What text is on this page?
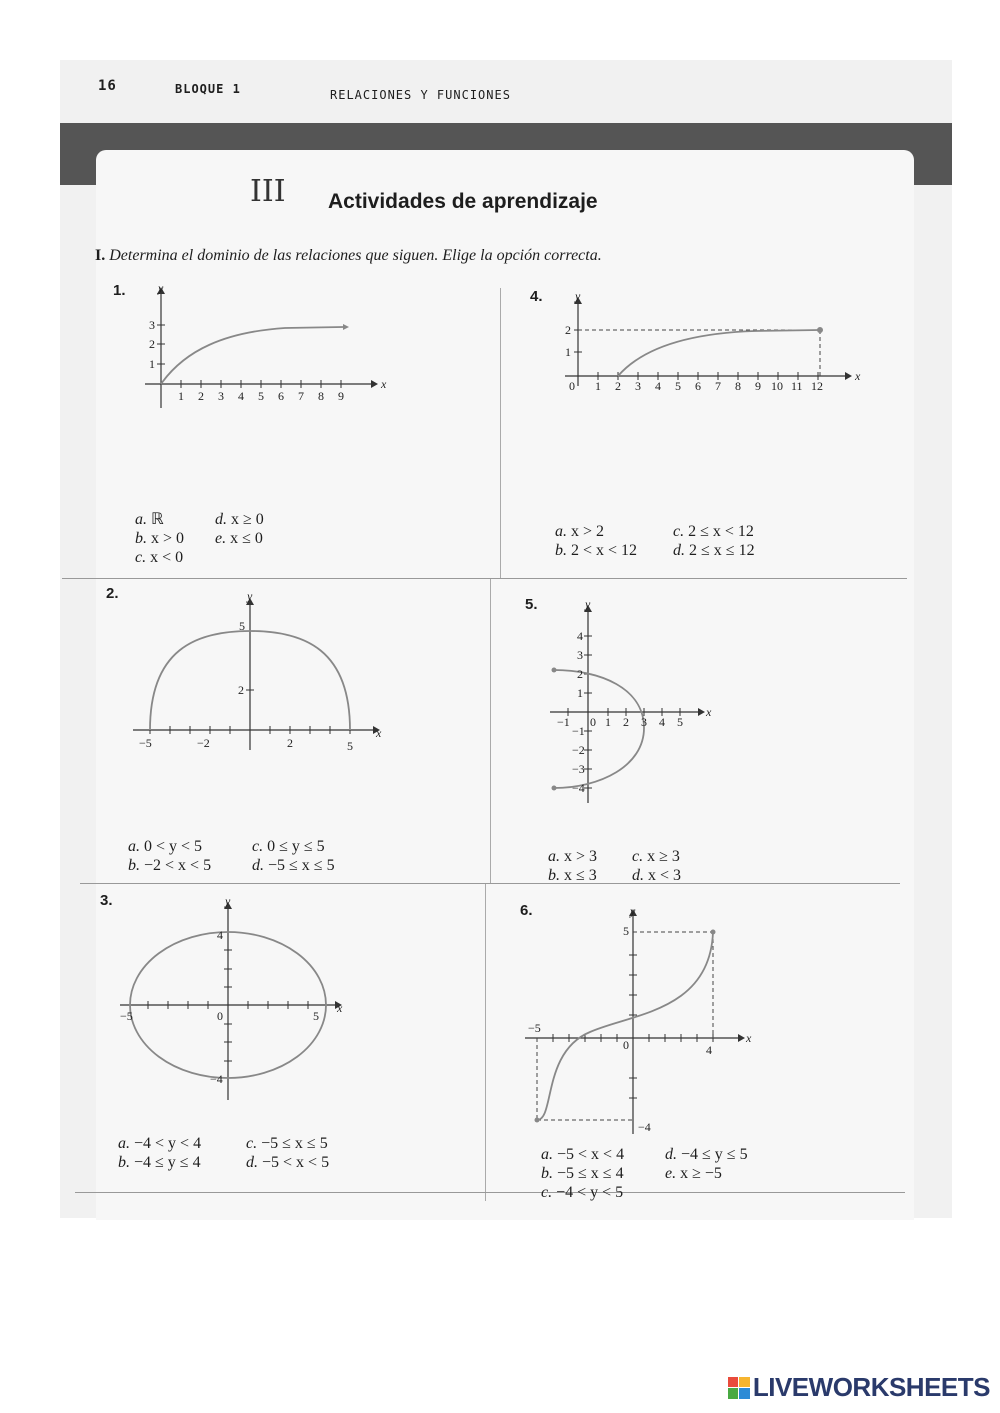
16	BLOQUE 1	RELACIONES Y FUNCIONES
III Actividades de aprendizaje
I. Determina el dominio de las relaciones que siguen. Elige la opción correcta.
1.
1 2 3 4 5 6 7 8 9
3
2
1
x
y
a. ℝ	d. x ≥ 0
b. x > 0 e. x ≤ 0
c. x < 0
4.
0 1 2 3 4 5 6 7 8 9 10 11 12
2
1
x
y
a. x > 2	c. 2 ≤ x < 12
b. 2 < x < 12 d. 2 ≤ x ≤ 12
2.
−5	−2	2	5
5
2
x
y
a. 0 < y < 5	c. 0 ≤ y ≤ 5
b. −2 < x < 5	d. −5 ≤ x ≤ 5
5.
−1 0 1 2 3 4 5
4
3
2
1
−1
−2
−3
−4
x
y
a. x > 3 c. x ≥ 3
b. x ≤ 3 d. x < 3
3.
−5	0	5
4
−4
x
y
a. −4 < y < 4	c. −5 ≤ x ≤ 5
b. −4 ≤ y ≤ 4	d. −5 < x < 5
6.
−5
0	4
5
−4
x
y
a. −5 < x < 4	d. −4 ≤ y ≤ 5
b. −5 ≤ x ≤ 4	e. x ≥ −5
c. −4 < y < 5
LIVEWORKSHEETS
